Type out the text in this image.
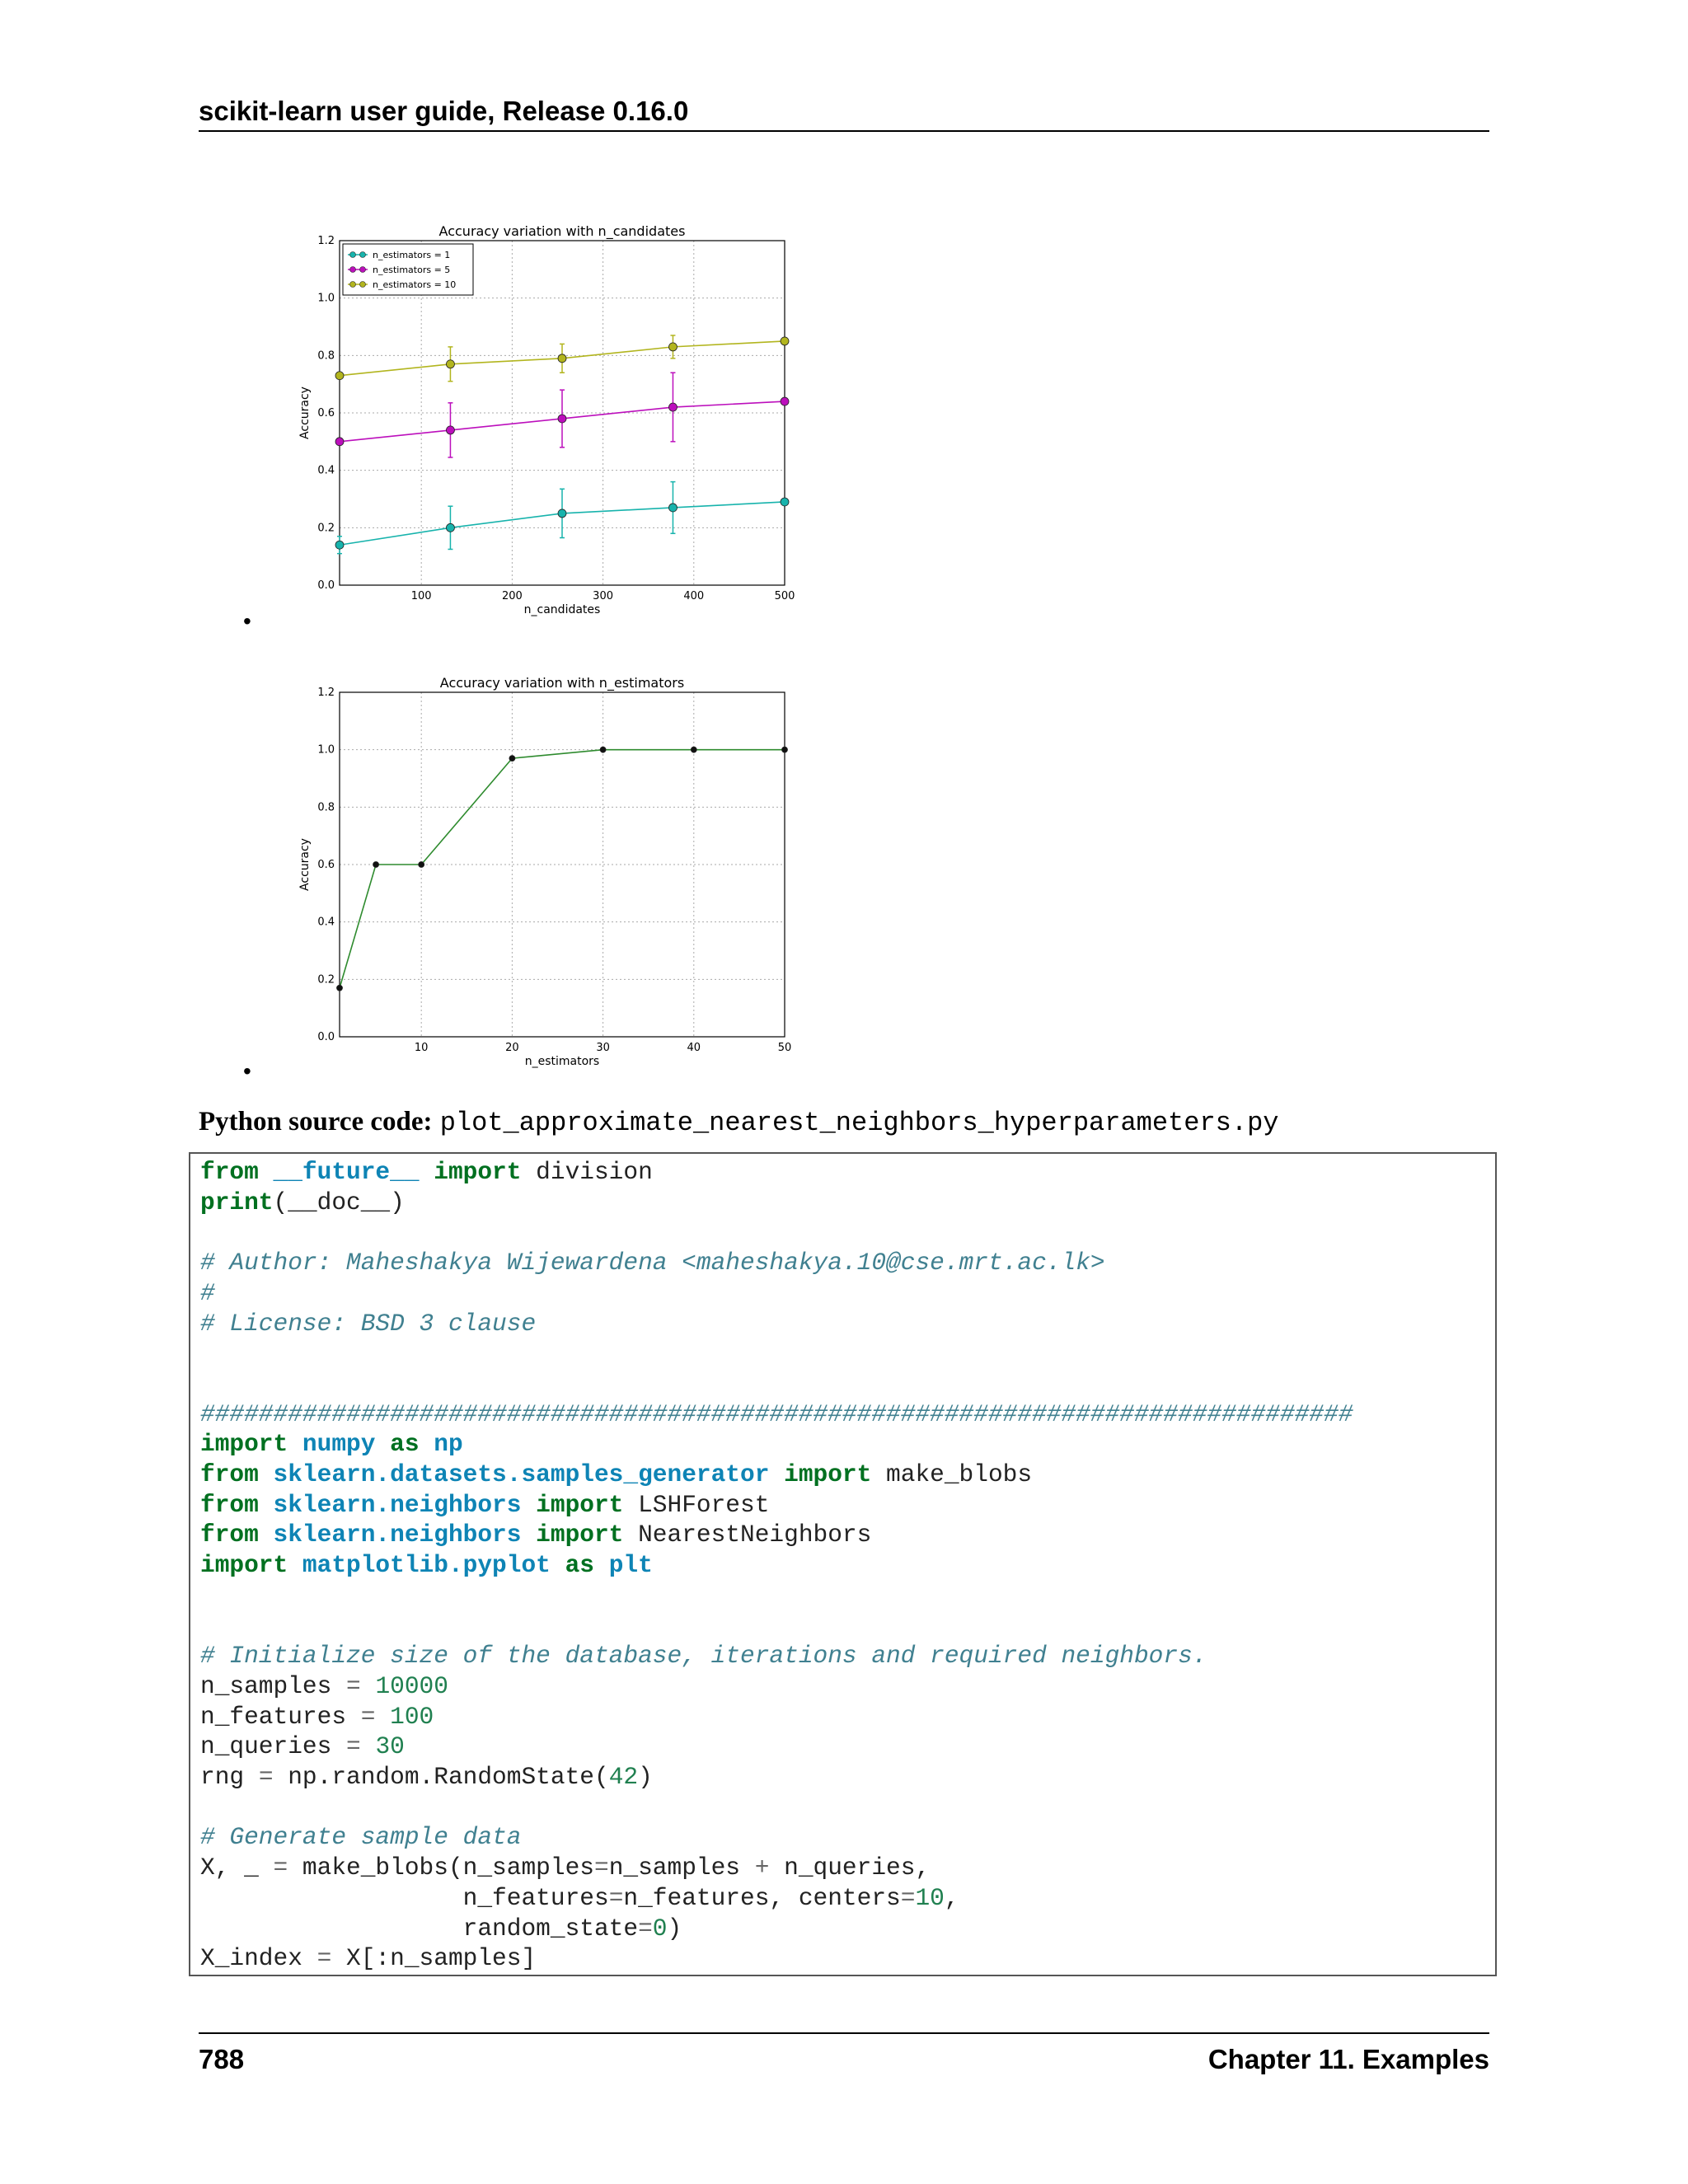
scikit-learn user guide, Release 0.16.0
Accuracy variation with n_candidates
100	200	300	400	500
0.0
0.2
0.4
0.6
0.8
1.0
1.2
n_candidates
Accuracy
n_estimators = 1
n_estimators = 5
n_estimators = 10
•
Accuracy variation with n_estimators
10	20	30	40	50
0.0
0.2
0.4
0.6
0.8
1.0
1.2
n_estimators
Accuracy
•
Python source code: plot_approximate_nearest_neighbors_hyperparameters.py
from __future__ import division
print(__doc__)

# Author: Maheshakya Wijewardena <maheshakya.10@cse.mrt.ac.lk>
#
# License: BSD 3 clause

###############################################################################
import numpy as np
from sklearn.datasets.samples_generator import make_blobs
from sklearn.neighbors import LSHForest
from sklearn.neighbors import NearestNeighbors
import matplotlib.pyplot as plt

# Initialize size of the database, iterations and required neighbors.
n_samples = 10000
n_features = 100
n_queries = 30
rng = np.random.RandomState(42)

# Generate sample data
X, _ = make_blobs(n_samples=n_samples + n_queries,
n_features=n_features, centers=10,
random_state=0)
X_index = X[:n_samples]
788	Chapter 11. Examples
